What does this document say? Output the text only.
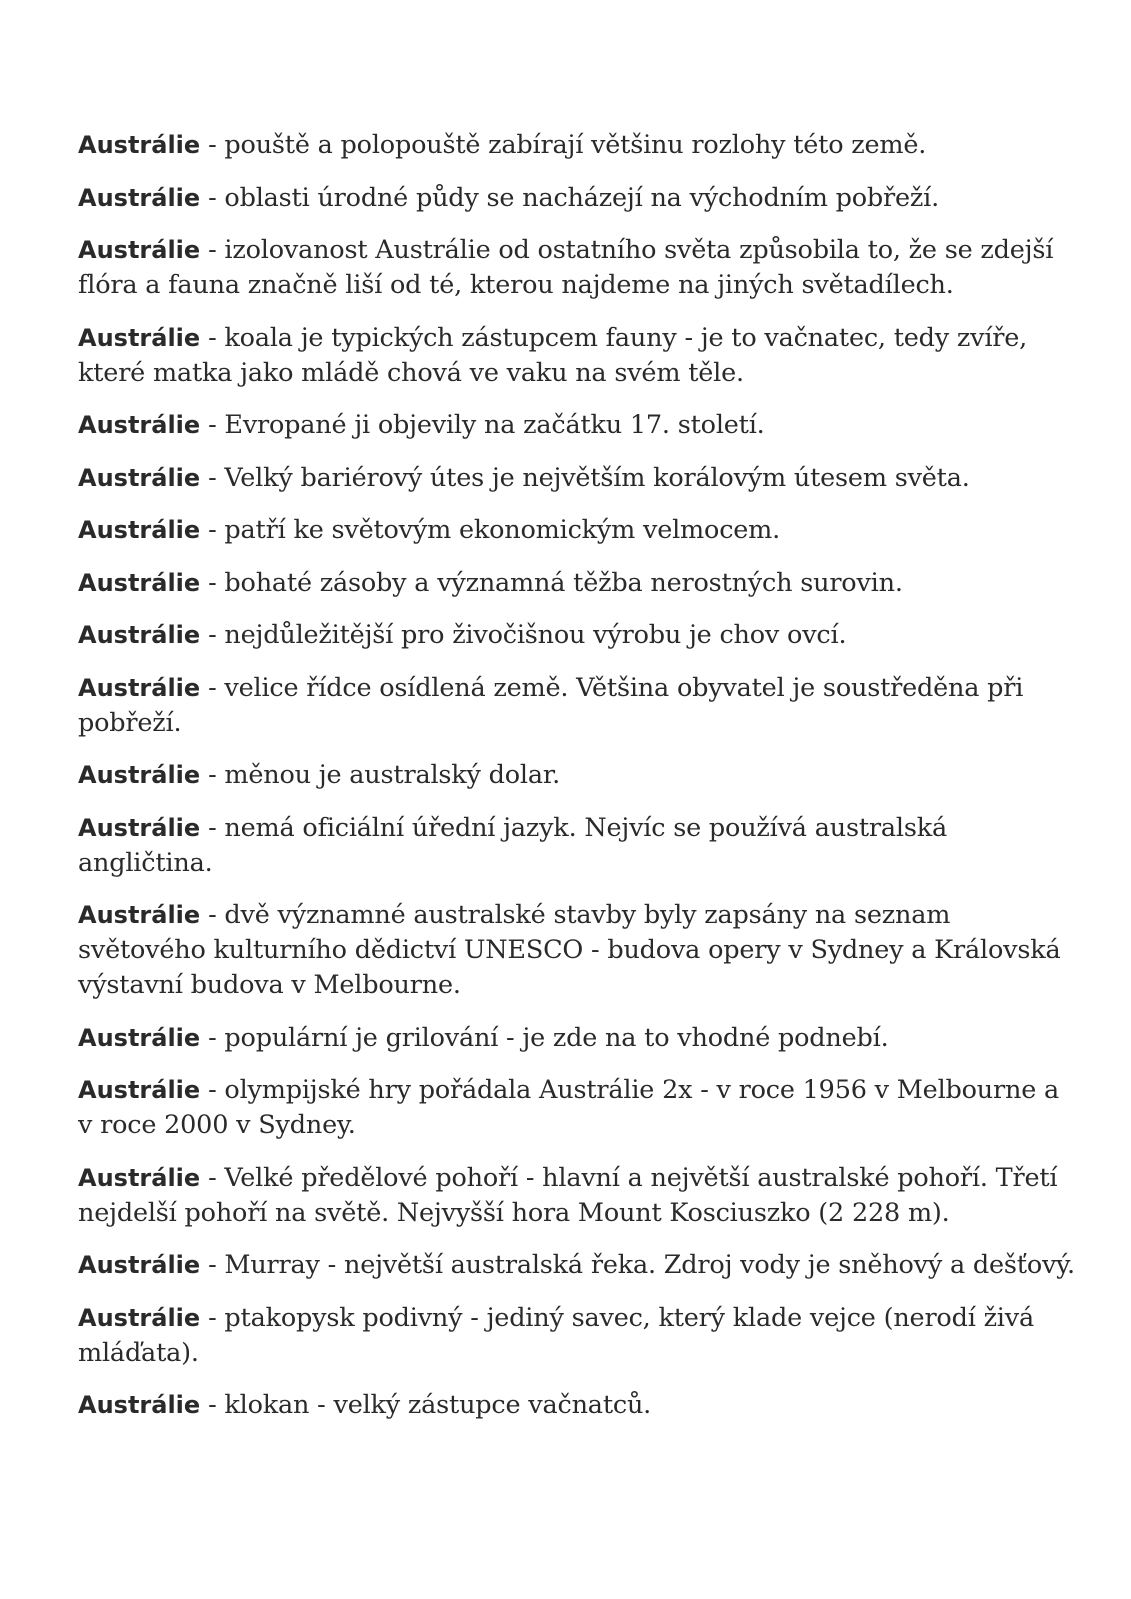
Austrálie - pouště a polopouště zabírají většinu rozlohy této země.

Austrálie - oblasti úrodné půdy se nacházejí na východním pobřeží.

Austrálie - izolovanost Austrálie od ostatního světa způsobila to, že se zdejší flóra a fauna značně liší od té, kterou najdeme na jiných světadílech.

Austrálie - koala je typických zástupcem fauny - je to vačnatec, tedy zvíře, které matka jako mládě chová ve vaku na svém těle.

Austrálie - Evropané ji objevily na začátku 17. století.

Austrálie - Velký bariérový útes je největším korálovým útesem světa.

Austrálie - patří ke světovým ekonomickým velmocem.

Austrálie - bohaté zásoby a významná těžba nerostných surovin.

Austrálie - nejdůležitější pro živočišnou výrobu je chov ovcí.

Austrálie - velice řídce osídlená země. Většina obyvatel je soustředěna při pobřeží.

Austrálie - měnou je australský dolar.

Austrálie - nemá oficiální úřední jazyk. Nejvíc se používá australská angličtina.

Austrálie - dvě významné australské stavby byly zapsány na seznam světového kulturního dědictví UNESCO - budova opery v Sydney a Královská výstavní budova v Melbourne.

Austrálie - populární je grilování - je zde na to vhodné podnebí.

Austrálie - olympijské hry pořádala Austrálie 2x - v roce 1956 v Melbourne a v roce 2000 v Sydney.

Austrálie - Velké předělové pohoří - hlavní a největší australské pohoří. Třetí nejdelší pohoří na světě. Nejvyšší hora Mount Kosciuszko (2 228 m).

Austrálie - Murray - největší australská řeka. Zdroj vody je sněhový a dešťový.

Austrálie - ptakopysk podivný - jediný savec, který klade vejce (nerodí živá mláďata).

Austrálie - klokan - velký zástupce vačnatců.
